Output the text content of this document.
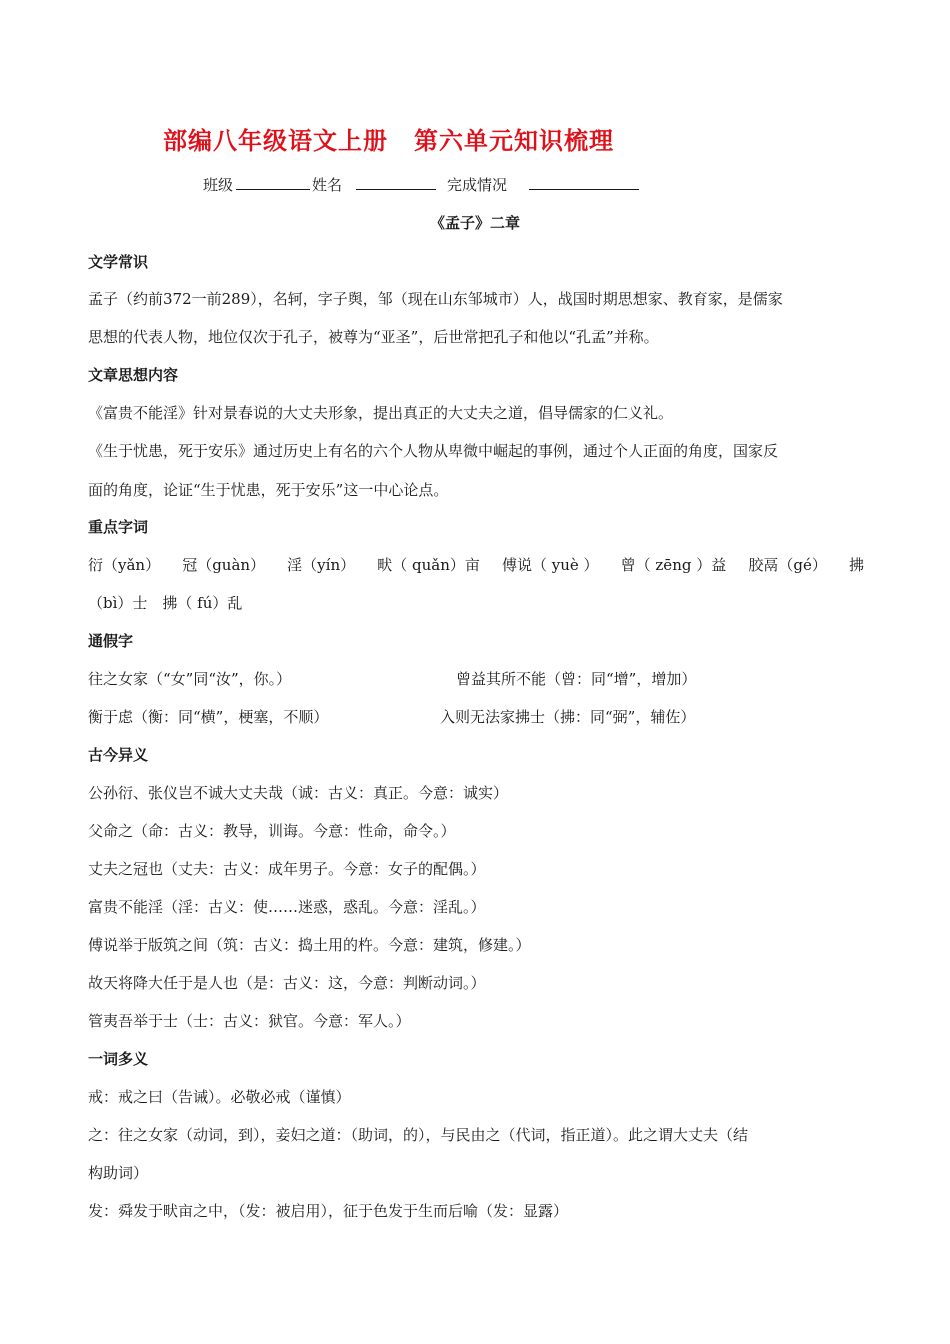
部编八年级语文上册 第六单元知识梳理
班级	姓名	完成情况
《孟子》二章
文学常识
孟子（约前372一前289），名轲，字子舆，邹（现在山东邹城市）人，战国时期思想家、教育家，是儒家
思想的代表人物，地位仅次于孔子，被尊为“亚圣”，后世常把孔子和他以“孔孟”并称。
文章思想内容
《富贵不能淫》针对景春说的大丈夫形象，提出真正的大丈夫之道，倡导儒家的仁义礼。
《生于忧患，死于安乐》通过历史上有名的六个人物从卑微中崛起的事例，通过个人正面的角度，国家反
面的角度，论证“生于忧患，死于安乐”这一中心论点。
重点字词
衍（yǎn） 冠（guàn） 淫（yín） 畎（ quǎn）亩 傅说（ yuè ） 曾（ zēng ）益 胶鬲（gé） 拂
（bì）士　拂（ fú）乱
通假字
往之女家（“女”同“汝”，你。）	曾益其所不能（曾：同“增”，增加）
衡于虑（衡：同“横”，梗塞，不顺）	入则无法家拂士（拂：同“弼”，辅佐）
古今异义
公孙衍、张仪岂不诚大丈夫哉（诚：古义：真正。今意：诚实）
父命之（命：古义：教导，训诲。今意：性命，命令。）
丈夫之冠也（丈夫：古义：成年男子。今意：女子的配偶。）
富贵不能淫（淫：古义：使……迷惑，惑乱。今意：淫乱。）
傅说举于版筑之间（筑：古义：捣土用的杵。今意：建筑，修建。）
故天将降大任于是人也（是：古义：这，今意：判断动词。）
管夷吾举于士（士：古义：狱官。今意：军人。）
一词多义
戒：戒之曰（告诫）。必敬必戒（谨慎）
之：往之女家（动词，到），妾妇之道：（助词，的），与民由之（代词，指正道）。此之谓大丈夫（结
构助词）
发：舜发于畎亩之中，（发：被启用），征于色发于生而后喻（发：显露）
